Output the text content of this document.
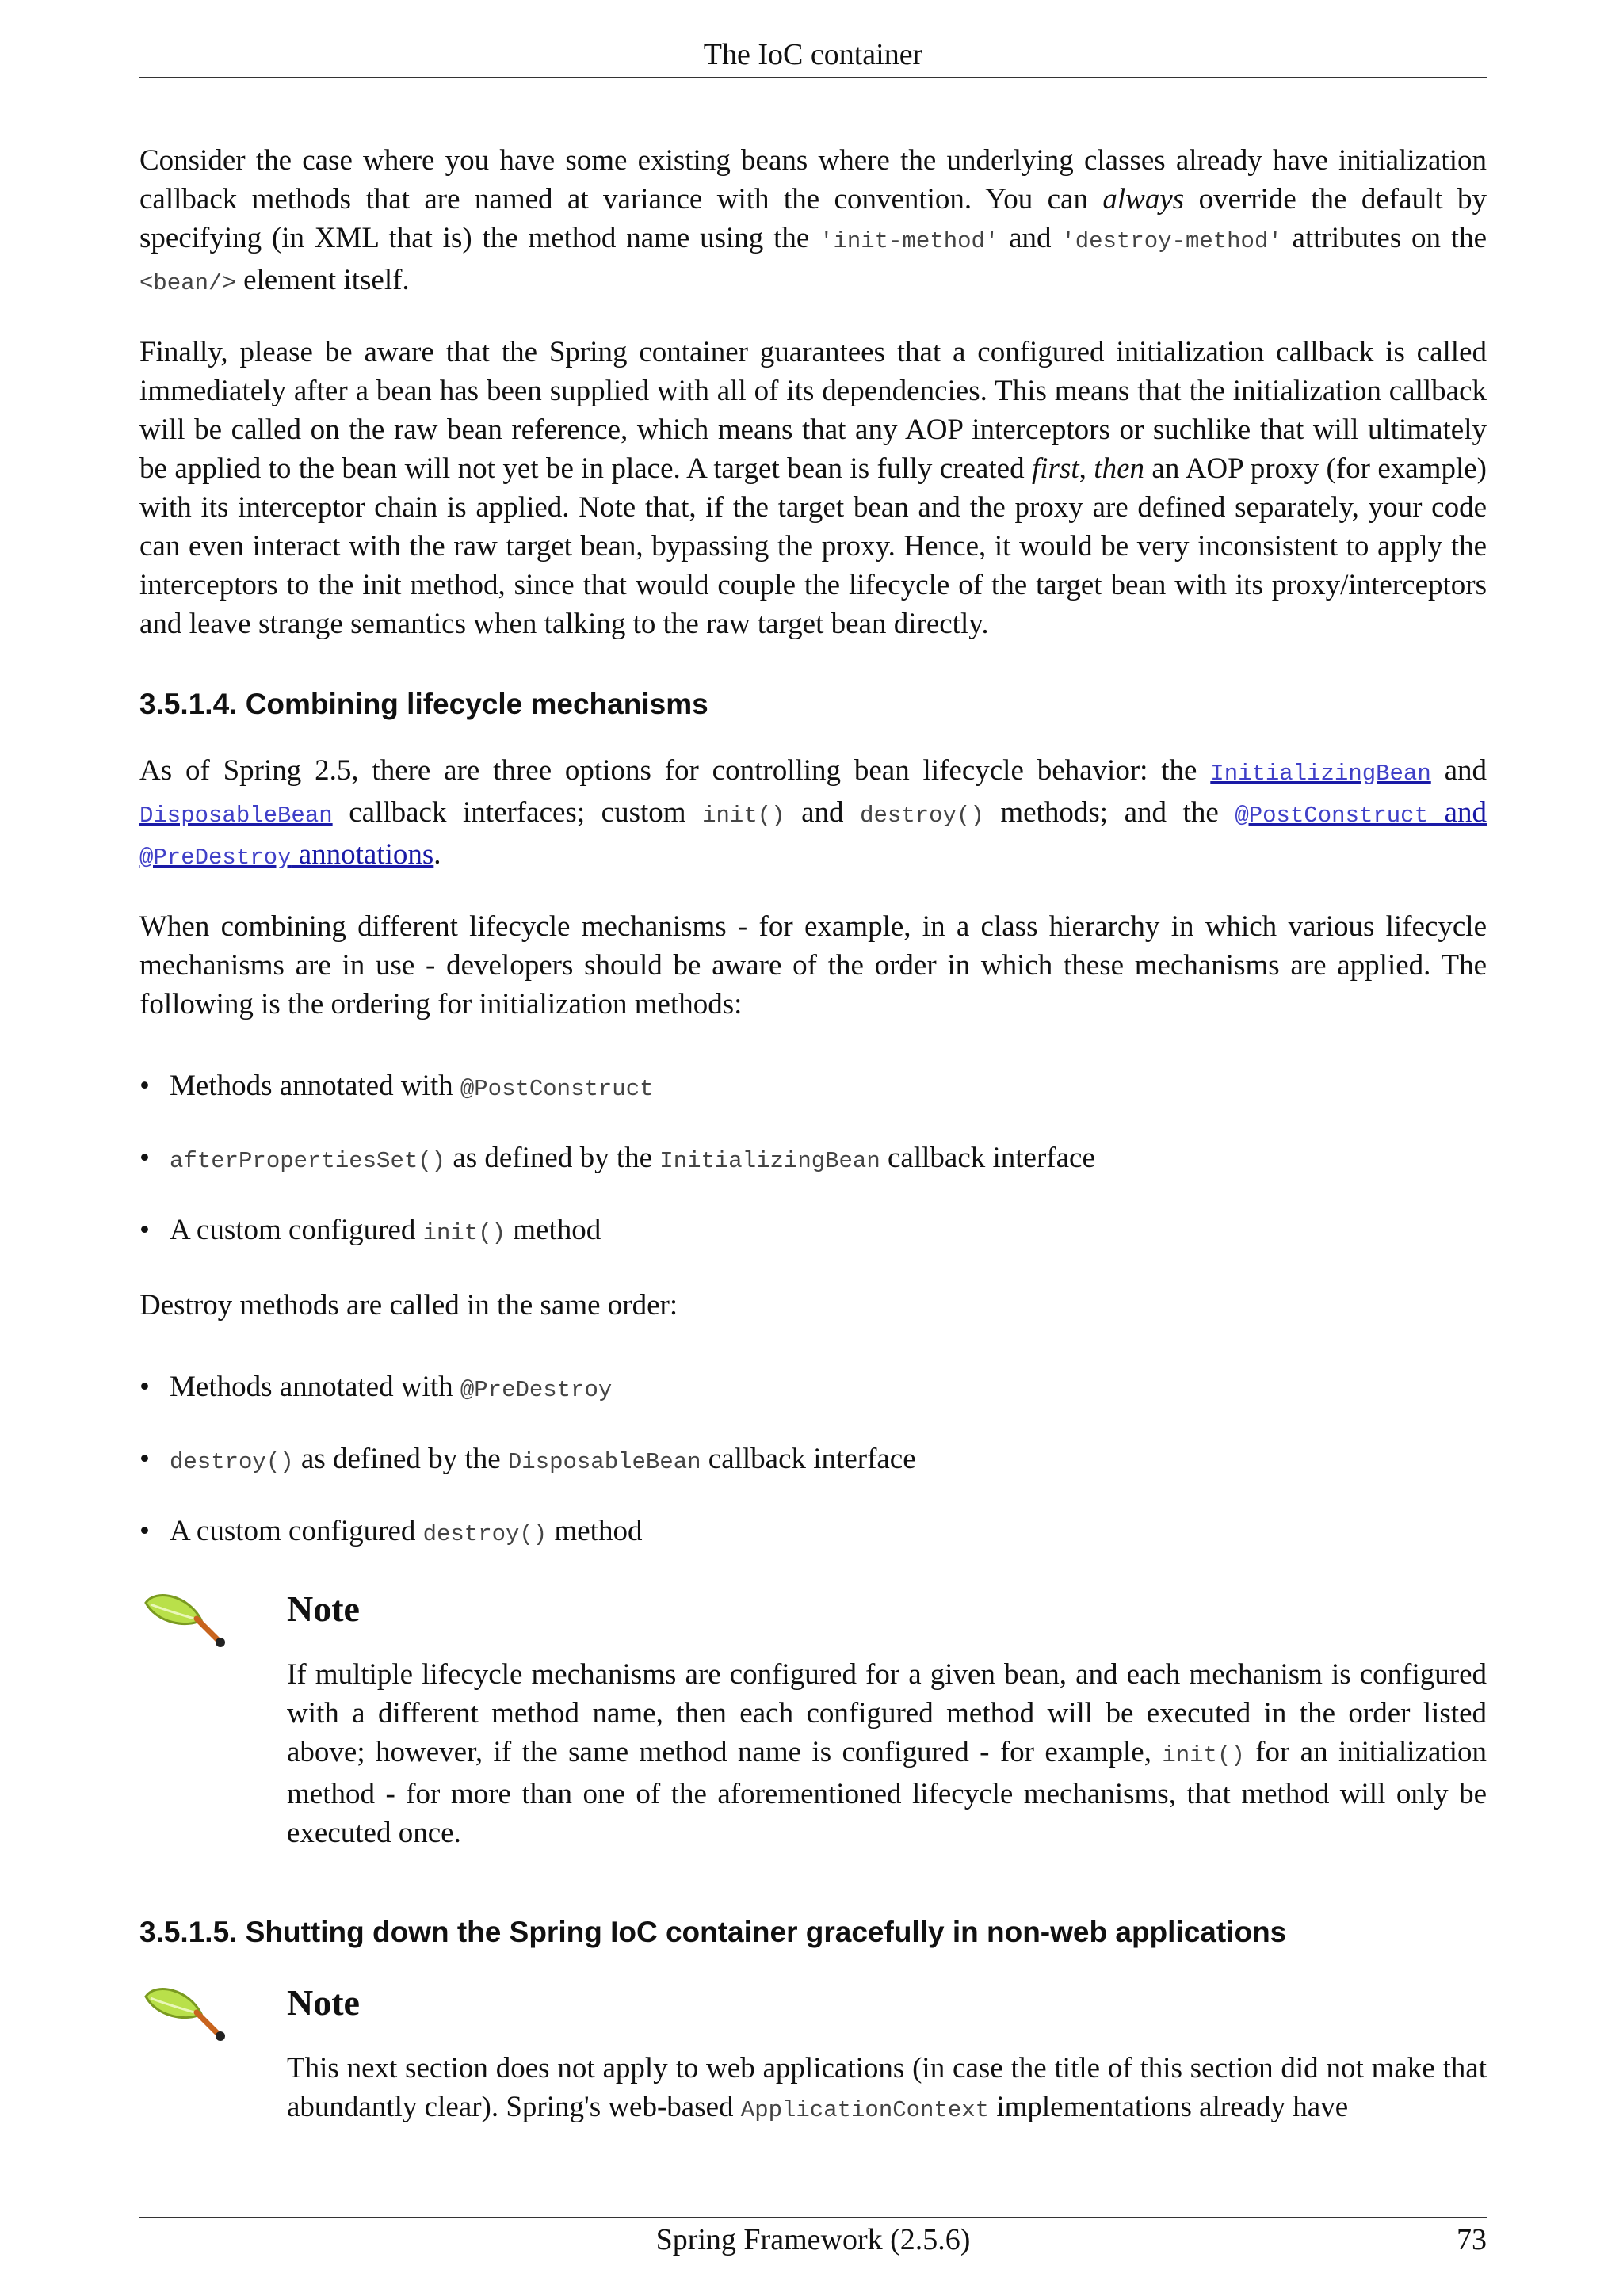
The IoC container

Consider the case where you have some existing beans where the underlying classes already have initialization callback methods that are named at variance with the convention. You can always override the default by specifying (in XML that is) the method name using the 'init-method' and 'destroy-method' attributes on the <bean/> element itself.

Finally, please be aware that the Spring container guarantees that a configured initialization callback is called immediately after a bean has been supplied with all of its dependencies. This means that the initialization callback will be called on the raw bean reference, which means that any AOP interceptors or suchlike that will ultimately be applied to the bean will not yet be in place. A target bean is fully created first, then an AOP proxy (for example) with its interceptor chain is applied. Note that, if the target bean and the proxy are defined separately, your code can even interact with the raw target bean, bypassing the proxy. Hence, it would be very inconsistent to apply the interceptors to the init method, since that would couple the lifecycle of the target bean with its proxy/interceptors and leave strange semantics when talking to the raw target bean directly.

3.5.1.4. Combining lifecycle mechanisms

As of Spring 2.5, there are three options for controlling bean lifecycle behavior: the InitializingBean and DisposableBean callback interfaces; custom init() and destroy() methods; and the @PostConstruct and @PreDestroy annotations.

When combining different lifecycle mechanisms - for example, in a class hierarchy in which various lifecycle mechanisms are in use - developers should be aware of the order in which these mechanisms are applied. The following is the ordering for initialization methods:

• Methods annotated with @PostConstruct
• afterPropertiesSet() as defined by the InitializingBean callback interface
• A custom configured init() method

Destroy methods are called in the same order:

• Methods annotated with @PreDestroy
• destroy() as defined by the DisposableBean callback interface
• A custom configured destroy() method
Note

If multiple lifecycle mechanisms are configured for a given bean, and each mechanism is configured with a different method name, then each configured method will be executed in the order listed above; however, if the same method name is configured - for example, init() for an initialization method - for more than one of the aforementioned lifecycle mechanisms, that method will only be executed once.

3.5.1.5. Shutting down the Spring IoC container gracefully in non-web applications
Note

This next section does not apply to web applications (in case the title of this section did not make that abundantly clear). Spring's web-based ApplicationContext implementations already have

Spring Framework (2.5.6)	73
